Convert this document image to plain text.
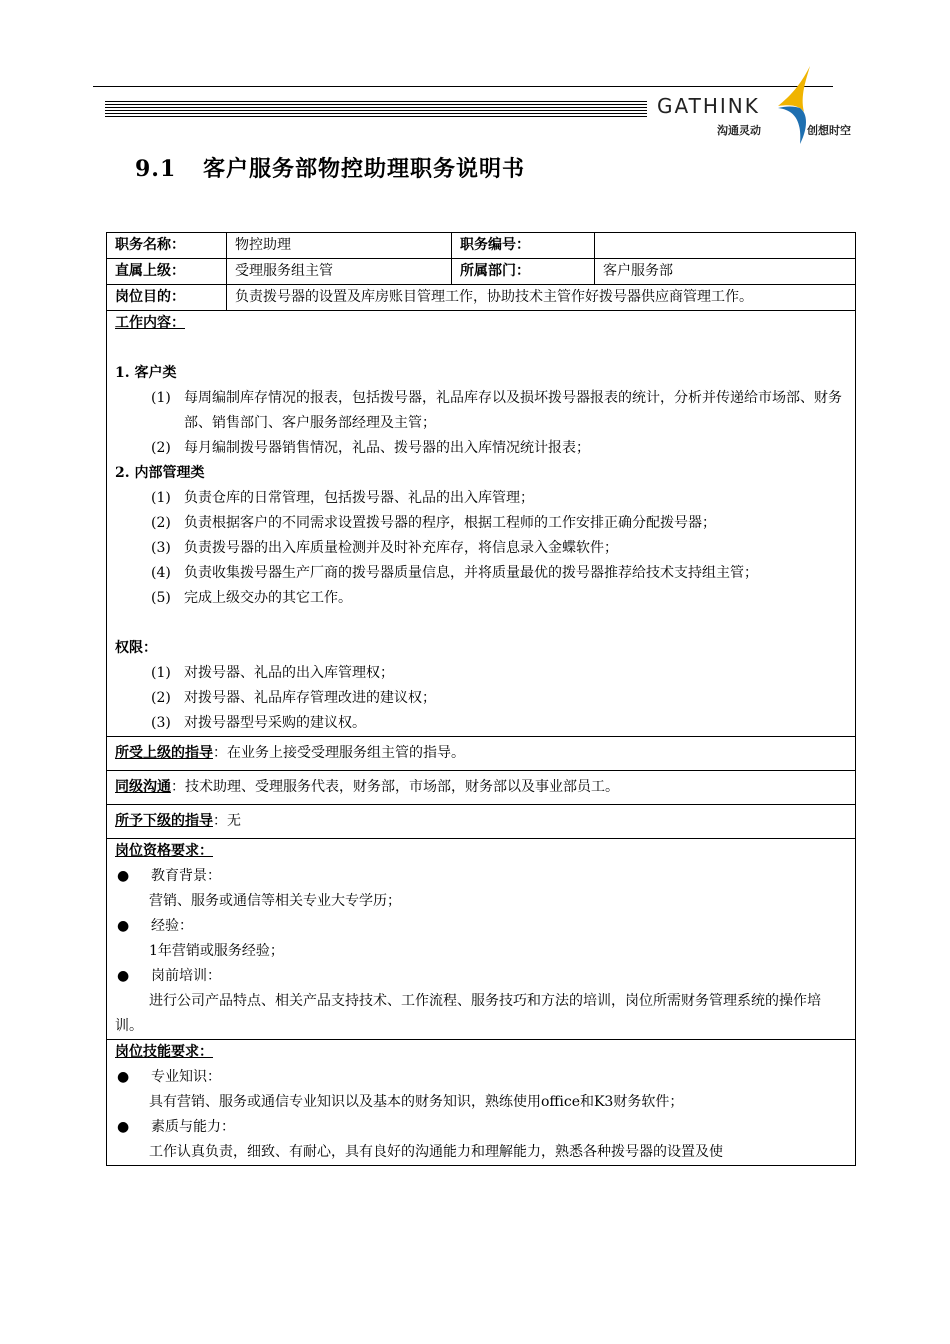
GATHINK
沟通灵动	创想时空
9.1 客户服务部物控助理职务说明书
职务名称：	物控助理	职务编号：
直属上级：	受理服务组主管	所属部门：	客户服务部
岗位目的：	负责拨号器的设置及库房账目管理工作，协助技术主管作好拨号器供应商管理工作。
工作内容：
1. 客户类
(1) 每周编制库存情况的报表，包括拨号器，礼品库存以及损坏拨号器报表的统计，分析并传递给市场部、财务部、销售部门、客户服务部经理及主管；
(2) 每月编制拨号器销售情况，礼品、拨号器的出入库情况统计报表；
2. 内部管理类
(1) 负责仓库的日常管理，包括拨号器、礼品的出入库管理；
(2) 负责根据客户的不同需求设置拨号器的程序，根据工程师的工作安排正确分配拨号器；
(3) 负责拨号器的出入库质量检测并及时补充库存，将信息录入金蝶软件；
(4) 负责收集拨号器生产厂商的拨号器质量信息，并将质量最优的拨号器推荐给技术支持组主管；
(5) 完成上级交办的其它工作。
权限：
(1) 对拨号器、礼品的出入库管理权；
(2) 对拨号器、礼品库存管理改进的建议权；
(3) 对拨号器型号采购的建议权。
所受上级的指导：在业务上接受受理服务组主管的指导。
同级沟通：技术助理、受理服务代表，财务部，市场部，财务部以及事业部员工。
所予下级的指导：无
岗位资格要求：
●	教育背景：
营销、服务或通信等相关专业大专学历；
●	经验：
1年营销或服务经验；
●	岗前培训：
进行公司产品特点、相关产品支持技术、工作流程、服务技巧和方法的培训，岗位所需财务管理系统的操作培训。
岗位技能要求：
●	专业知识：
具有营销、服务或通信专业知识以及基本的财务知识，熟练使用office和K3财务软件；
●	素质与能力：
工作认真负责，细致、有耐心，具有良好的沟通能力和理解能力，熟悉各种拨号器的设置及使
